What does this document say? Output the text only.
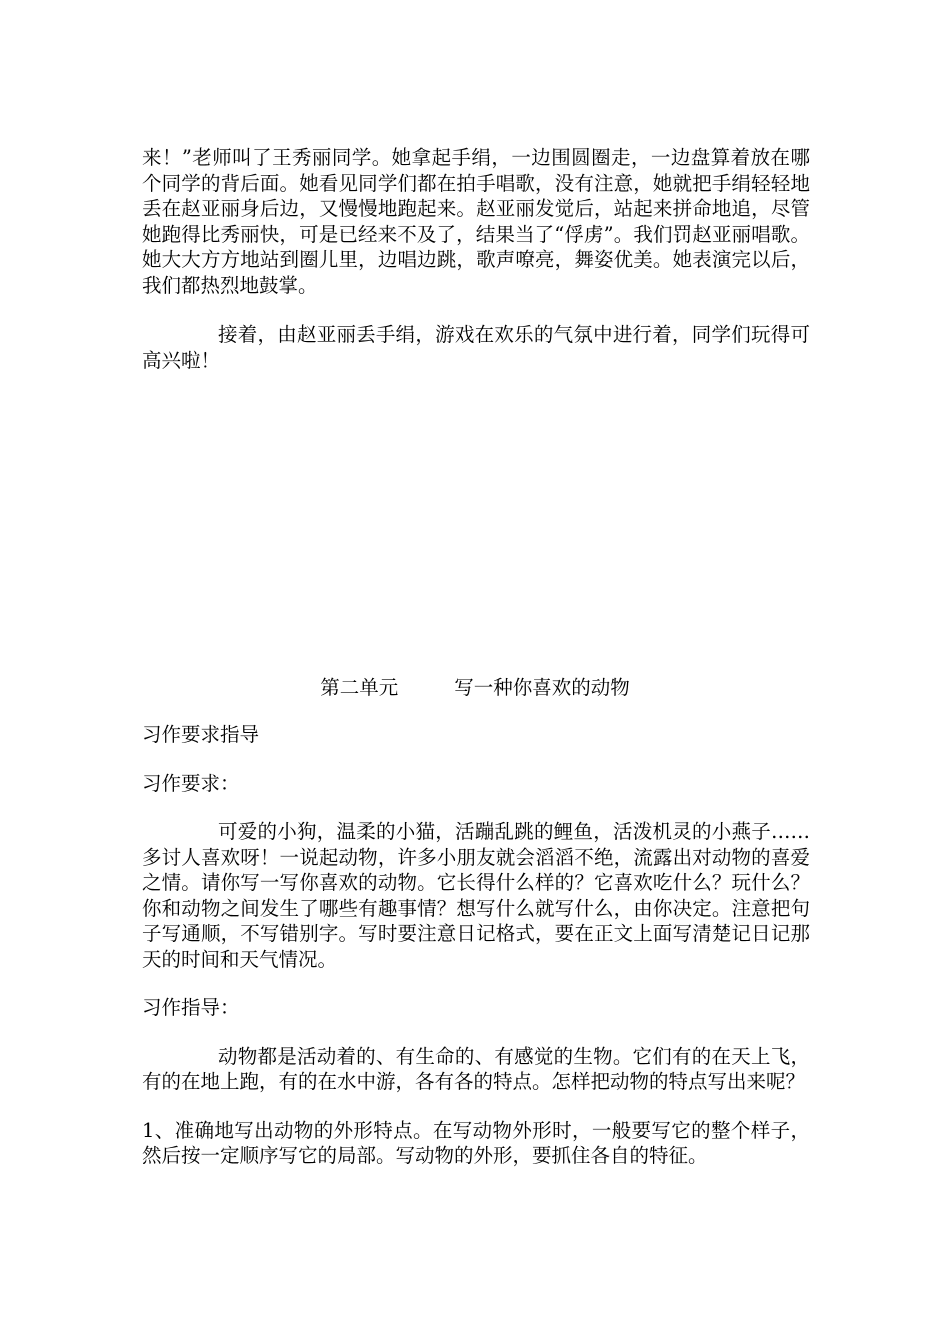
来！”老师叫了王秀丽同学。她拿起手绢，一边围圆圈走，一边盘算着放在哪个同学的背后面。她看见同学们都在拍手唱歌，没有注意，她就把手绢轻轻地丢在赵亚丽身后边，又慢慢地跑起来。赵亚丽发觉后，站起来拼命地追，尽管她跑得比秀丽快，可是已经来不及了，结果当了“俘虏”。我们罚赵亚丽唱歌。她大大方方地站到圈儿里，边唱边跳，歌声嘹亮，舞姿优美。她表演完以后，我们都热烈地鼓掌。

接着，由赵亚丽丢手绢，游戏在欢乐的气氛中进行着，同学们玩得可高兴啦！

第二单元	写一种你喜欢的动物

习作要求指导

习作要求：

可爱的小狗，温柔的小猫，活蹦乱跳的鲤鱼，活泼机灵的小燕子……多讨人喜欢呀！一说起动物，许多小朋友就会滔滔不绝，流露出对动物的喜爱之情。请你写一写你喜欢的动物。它长得什么样的？它喜欢吃什么？玩什么？你和动物之间发生了哪些有趣事情？想写什么就写什么，由你决定。注意把句子写通顺，不写错别字。写时要注意日记格式，要在正文上面写清楚记日记那天的时间和天气情况。

习作指导：

动物都是活动着的、有生命的、有感觉的生物。它们有的在天上飞，有的在地上跑，有的在水中游，各有各的特点。怎样把动物的特点写出来呢？

1、准确地写出动物的外形特点。在写动物外形时，一般要写它的整个样子，然后按一定顺序写它的局部。写动物的外形，要抓住各自的特征。
